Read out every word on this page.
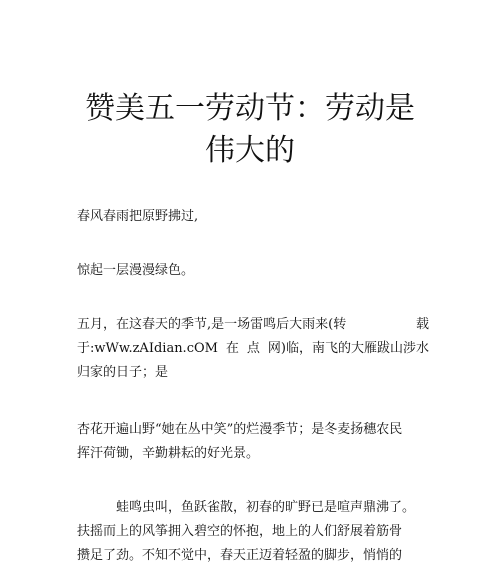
赞美五一劳动节：劳动是
伟大的

春风春雨把原野拂过,

惊起一层漫漫绿色。

五月，在这春天的季节,是一场雷鸣后大雨来(转	载
于:wWw.zAIdian.cOM 在 点 网)临，南飞的大雁跋山涉水
归家的日子；是

杏花开遍山野“她在丛中笑”的烂漫季节；是冬麦扬穗农民
挥汗荷锄，辛勤耕耘的好光景。

蛙鸣虫叫，鱼跃雀散，初春的旷野已是喧声鼎沸了。
扶摇而上的风筝拥入碧空的怀抱，地上的人们舒展着筋骨
攒足了劲。不知不觉中，春天正迈着轻盈的脚步，悄悄的
